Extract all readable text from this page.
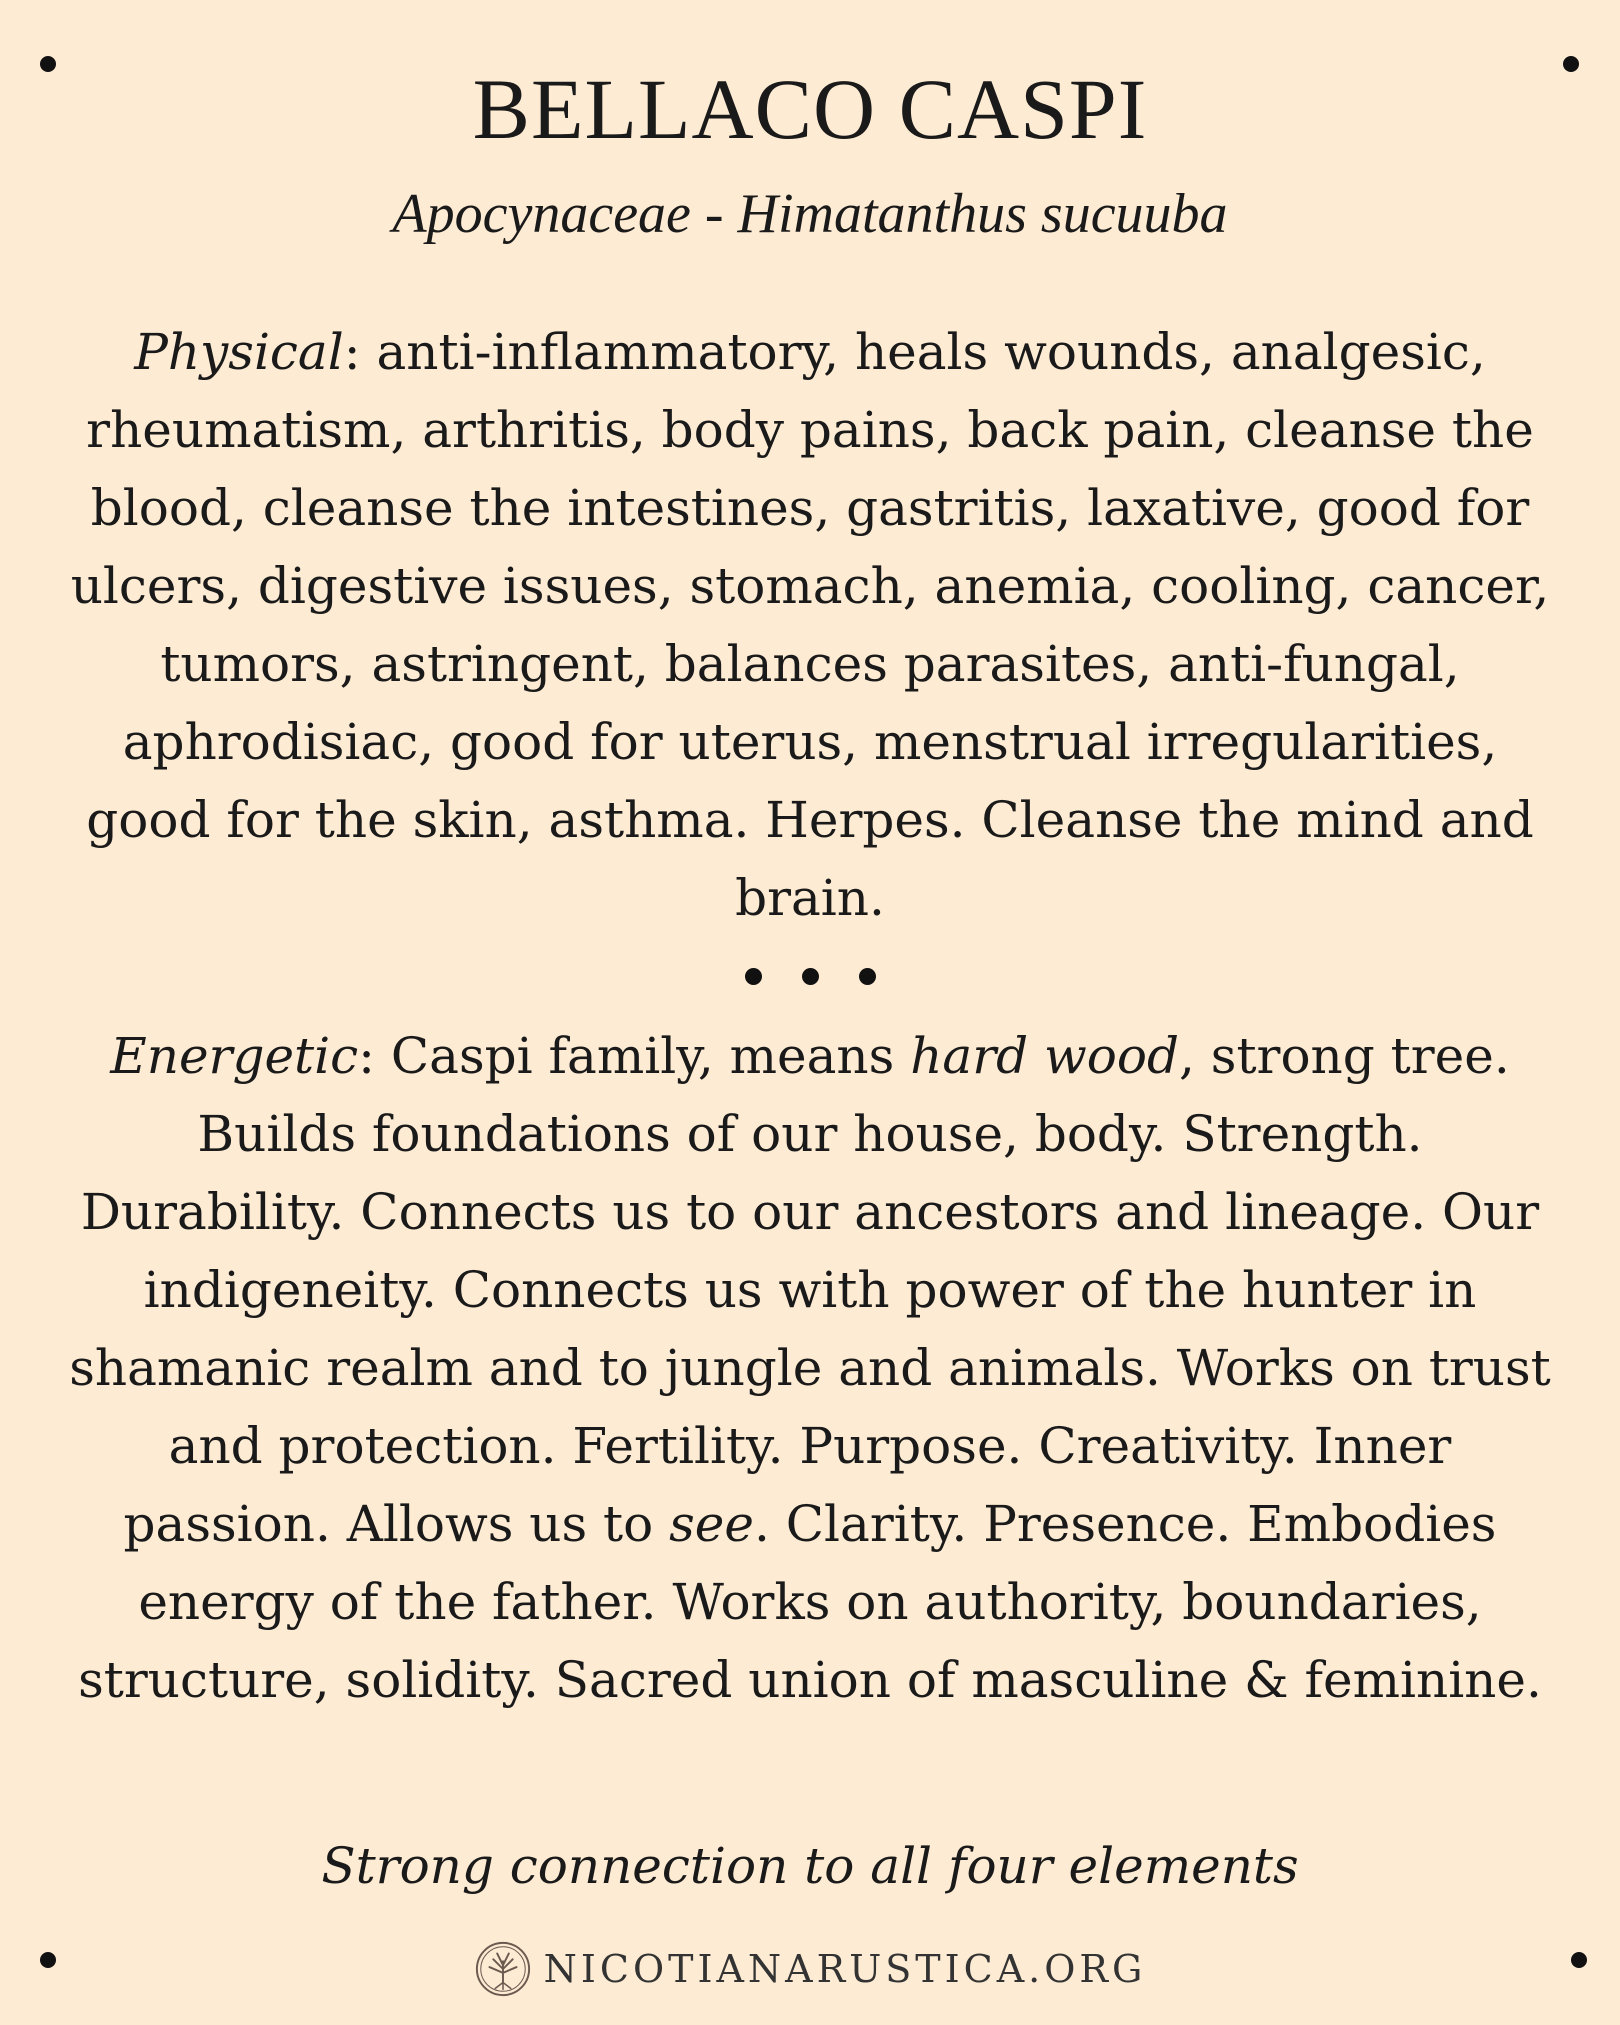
BELLACO CASPI
Apocynaceae - Himatanthus sucuuba
Physical: anti-inflammatory, heals wounds, analgesic, rheumatism, arthritis, body pains, back pain, cleanse the blood, cleanse the intestines, gastritis, laxative, good for ulcers, digestive issues, stomach, anemia, cooling, cancer, tumors, astringent, balances parasites, anti-fungal, aphrodisiac, good for uterus, menstrual irregularities, good for the skin, asthma. Herpes. Cleanse the mind and brain.
Energetic: Caspi family, means hard wood, strong tree. Builds foundations of our house, body. Strength. Durability. Connects us to our ancestors and lineage. Our indigeneity. Connects us with power of the hunter in shamanic realm and to jungle and animals. Works on trust and protection. Fertility. Purpose. Creativity. Inner passion. Allows us to see. Clarity. Presence. Embodies energy of the father. Works on authority, boundaries, structure, solidity. Sacred union of masculine & feminine.
Strong connection to all four elements
NICOTIANARUSTICA.ORG
